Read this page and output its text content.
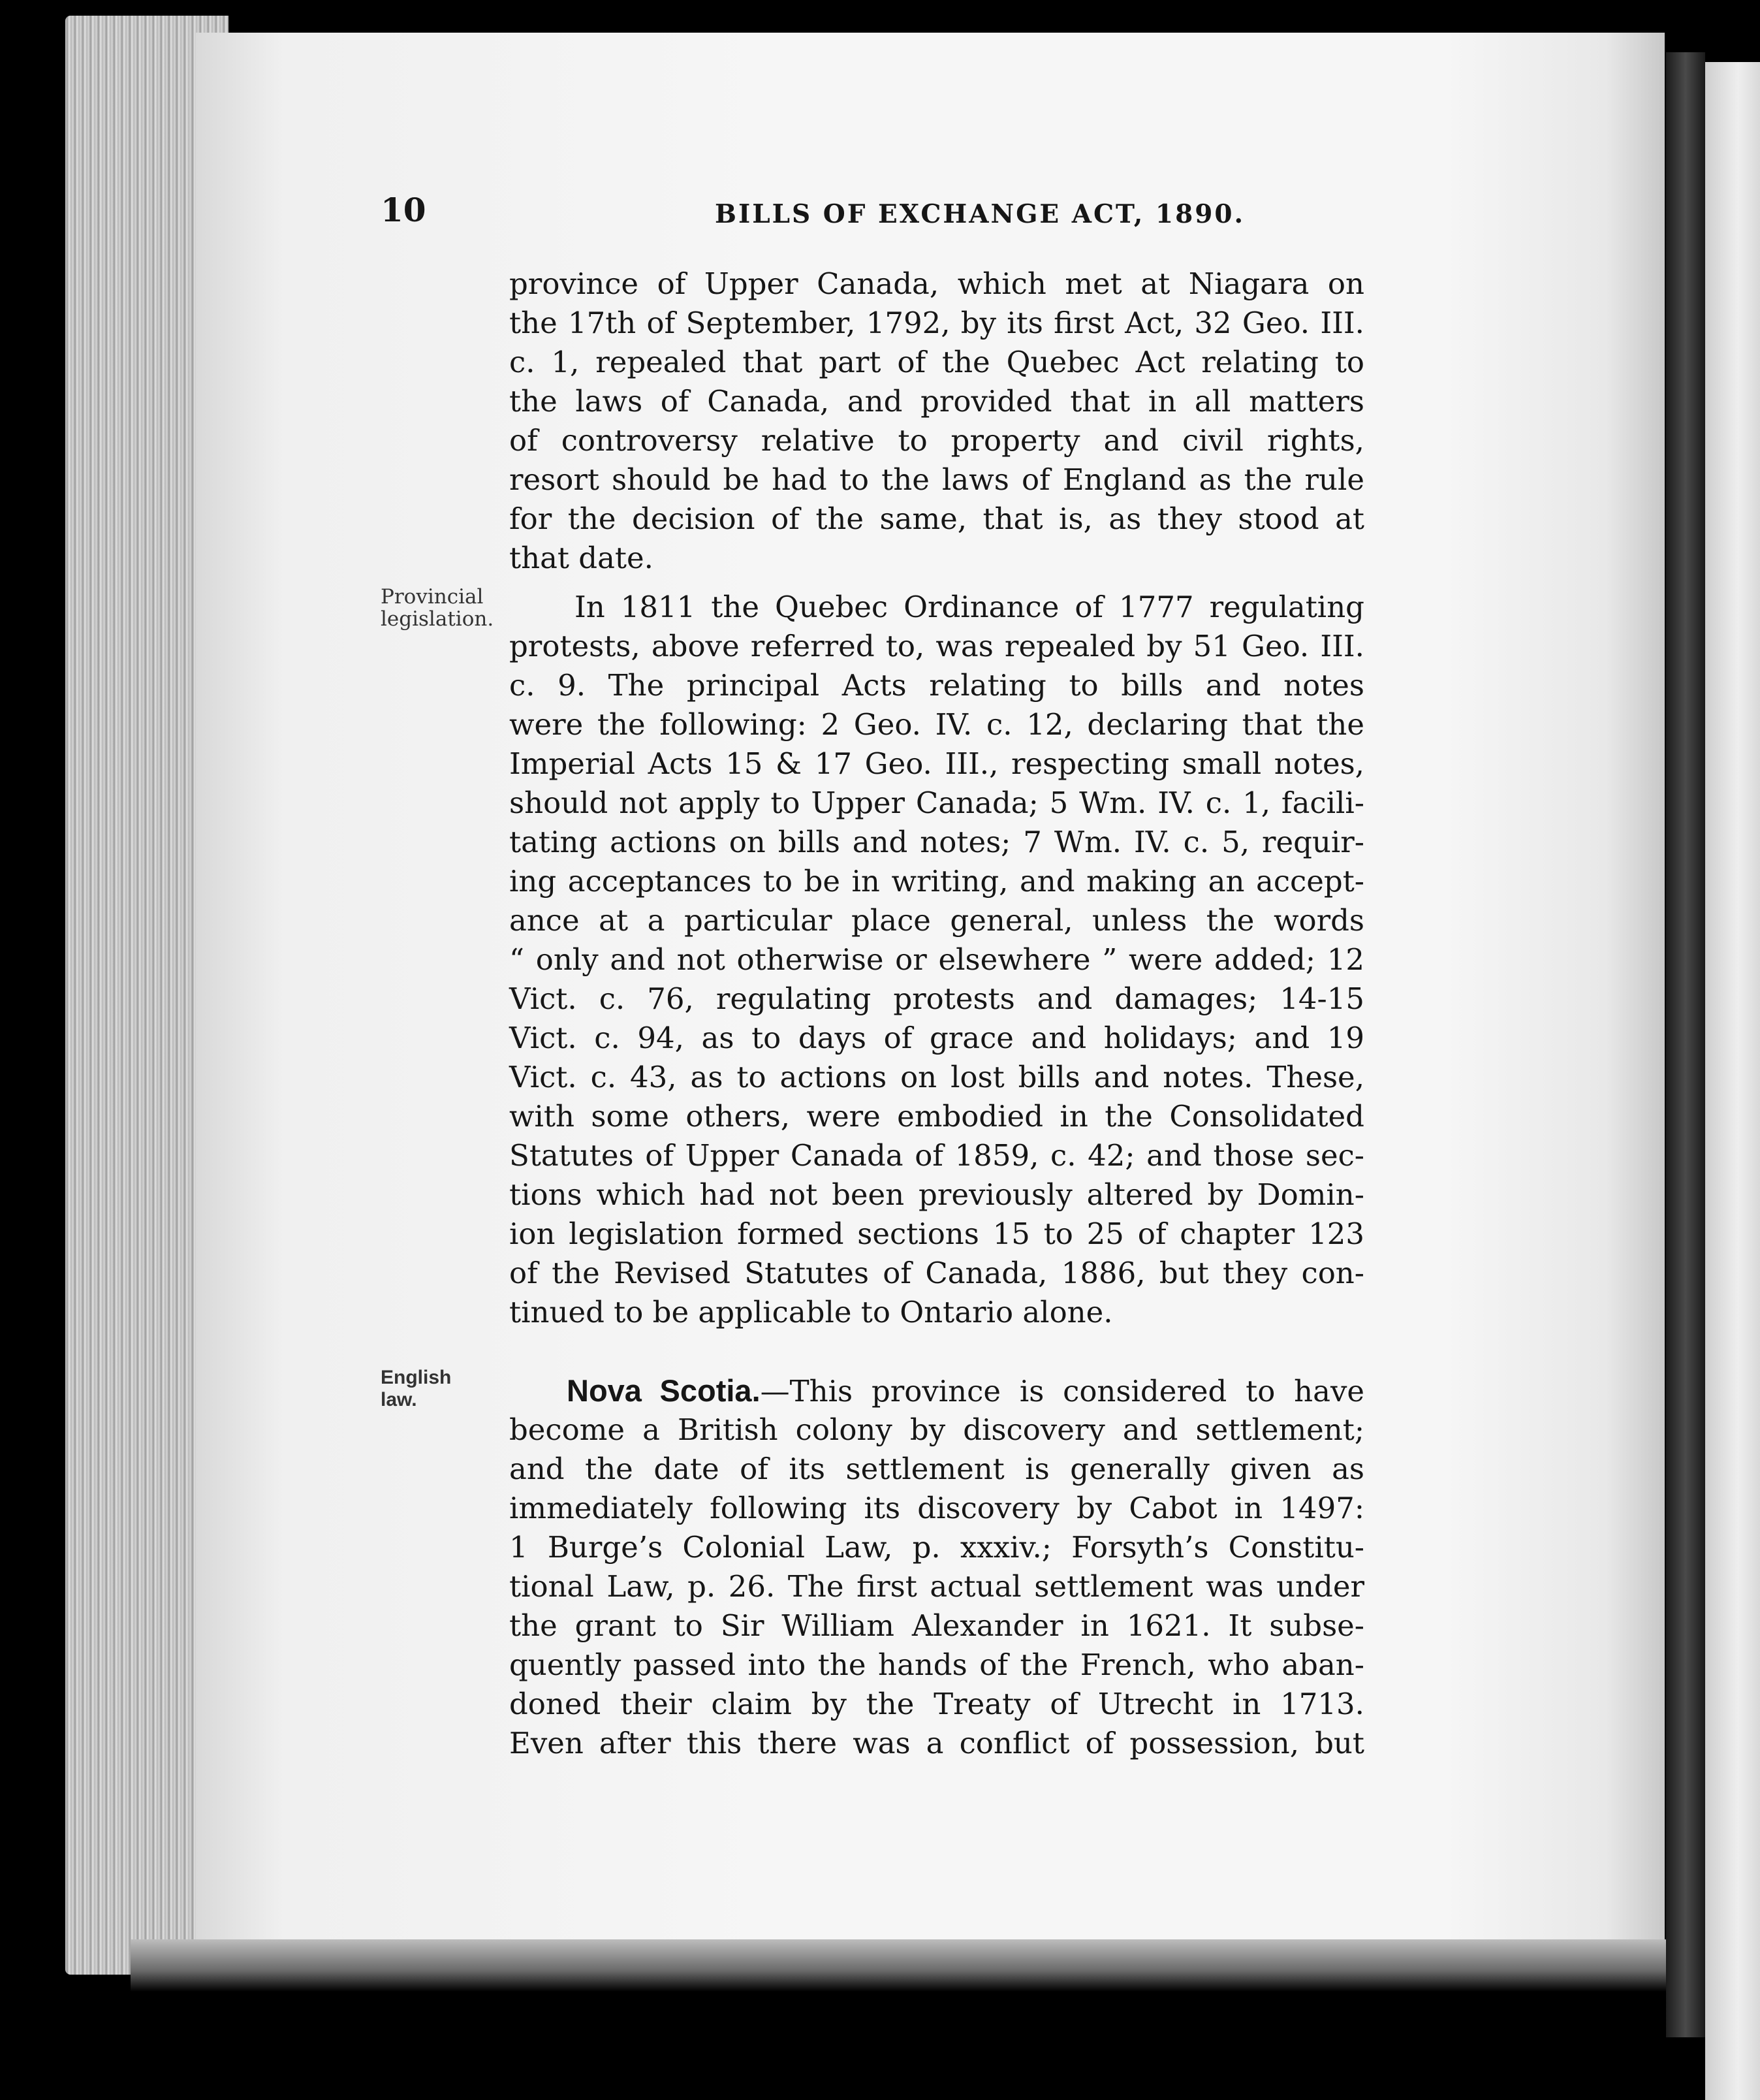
10	BILLS OF EXCHANGE ACT, 1890.
Provincial
legislation.
English
law.
province of Upper Canada, which met at Niagara on
the 17th of September, 1792, by its first Act, 32 Geo. III.
c. 1, repealed that part of the Quebec Act relating to
the laws of Canada, and provided that in all matters
of controversy relative to property and civil rights,
resort should be had to the laws of England as the rule
for the decision of the same, that is, as they stood at
that date.
In 1811 the Quebec Ordinance of 1777 regulating
protests, above referred to, was repealed by 51 Geo. III.
c. 9. The principal Acts relating to bills and notes
were the following: 2 Geo. IV. c. 12, declaring that the
Imperial Acts 15 & 17 Geo. III., respecting small notes,
should not apply to Upper Canada; 5 Wm. IV. c. 1, facili-
tating actions on bills and notes; 7 Wm. IV. c. 5, requir-
ing acceptances to be in writing, and making an accept-
ance at a particular place general, unless the words
“ only and not otherwise or elsewhere ” were added; 12
Vict. c. 76, regulating protests and damages; 14-15
Vict. c. 94, as to days of grace and holidays; and 19
Vict. c. 43, as to actions on lost bills and notes. These,
with some others, were embodied in the Consolidated
Statutes of Upper Canada of 1859, c. 42; and those sec-
tions which had not been previously altered by Domin-
ion legislation formed sections 15 to 25 of chapter 123
of the Revised Statutes of Canada, 1886, but they con-
tinued to be applicable to Ontario alone.
Nova Scotia.—This province is considered to have
become a British colony by discovery and settlement;
and the date of its settlement is generally given as
immediately following its discovery by Cabot in 1497:
1 Burge’s Colonial Law, p. xxxiv.; Forsyth’s Constitu-
tional Law, p. 26. The first actual settlement was under
the grant to Sir William Alexander in 1621. It subse-
quently passed into the hands of the French, who aban-
doned their claim by the Treaty of Utrecht in 1713.
Even after this there was a conflict of possession, but
